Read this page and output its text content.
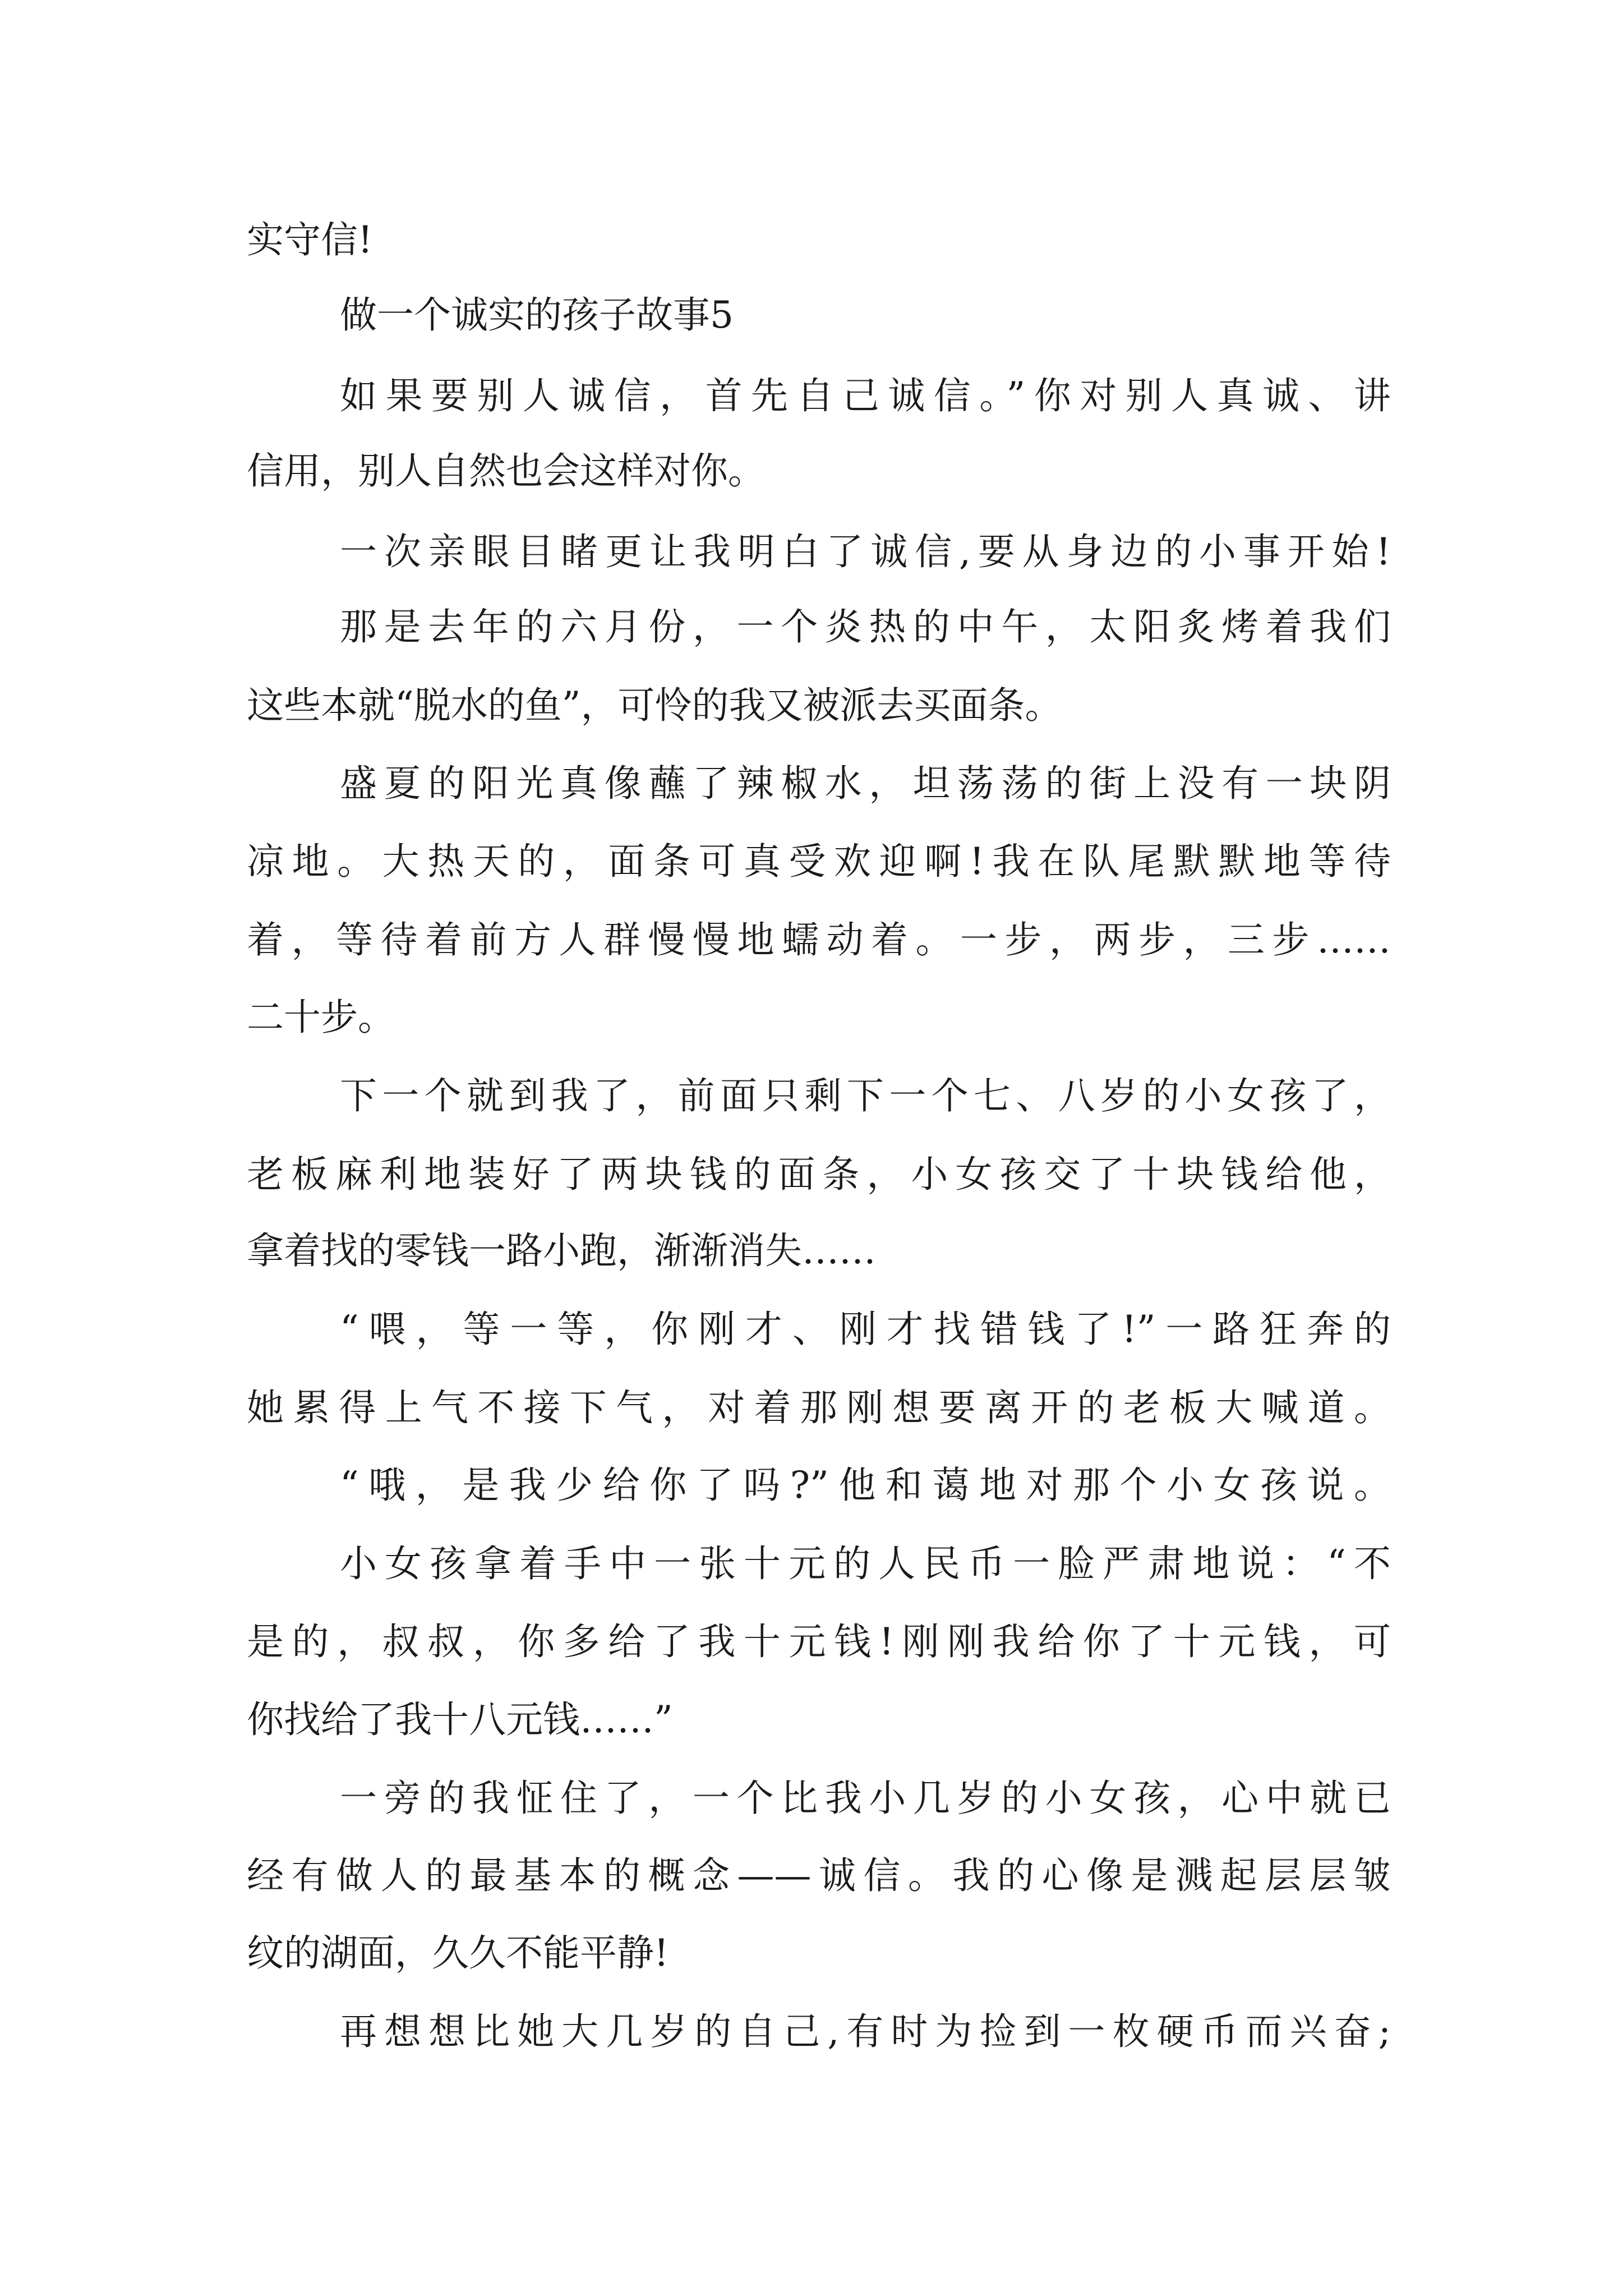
实守信!
做一个诚实的孩子故事5
如果要别人诚信，首先自己诚信。”你对别人真诚、讲
信用，别人自然也会这样对你。
一次亲眼目睹更让我明白了诚信,要从身边的小事开始!
那是去年的六月份，一个炎热的中午，太阳炙烤着我们
这些本就“脱水的鱼”，可怜的我又被派去买面条。
盛夏的阳光真像蘸了辣椒水，坦荡荡的街上没有一块阴
凉地。大热天的，面条可真受欢迎啊!我在队尾默默地等待
着，等待着前方人群慢慢地蠕动着。一步，两步，三步……
二十步。
下一个就到我了，前面只剩下一个七、八岁的小女孩了，
老板麻利地装好了两块钱的面条，小女孩交了十块钱给他，
拿着找的零钱一路小跑，渐渐消失……
“喂，等一等，你刚才、刚才找错钱了!”一路狂奔的
她累得上气不接下气，对着那刚想要离开的老板大喊道。
“哦，是我少给你了吗?”他和蔼地对那个小女孩说。
小女孩拿着手中一张十元的人民币一脸严肃地说：“不
是的，叔叔，你多给了我十元钱!刚刚我给你了十元钱，可
你找给了我十八元钱……”
一旁的我怔住了，一个比我小几岁的小女孩，心中就已
经有做人的最基本的概念——诚信。我的心像是溅起层层皱
纹的湖面，久久不能平静!
再想想比她大几岁的自己,有时为捡到一枚硬币而兴奋;
